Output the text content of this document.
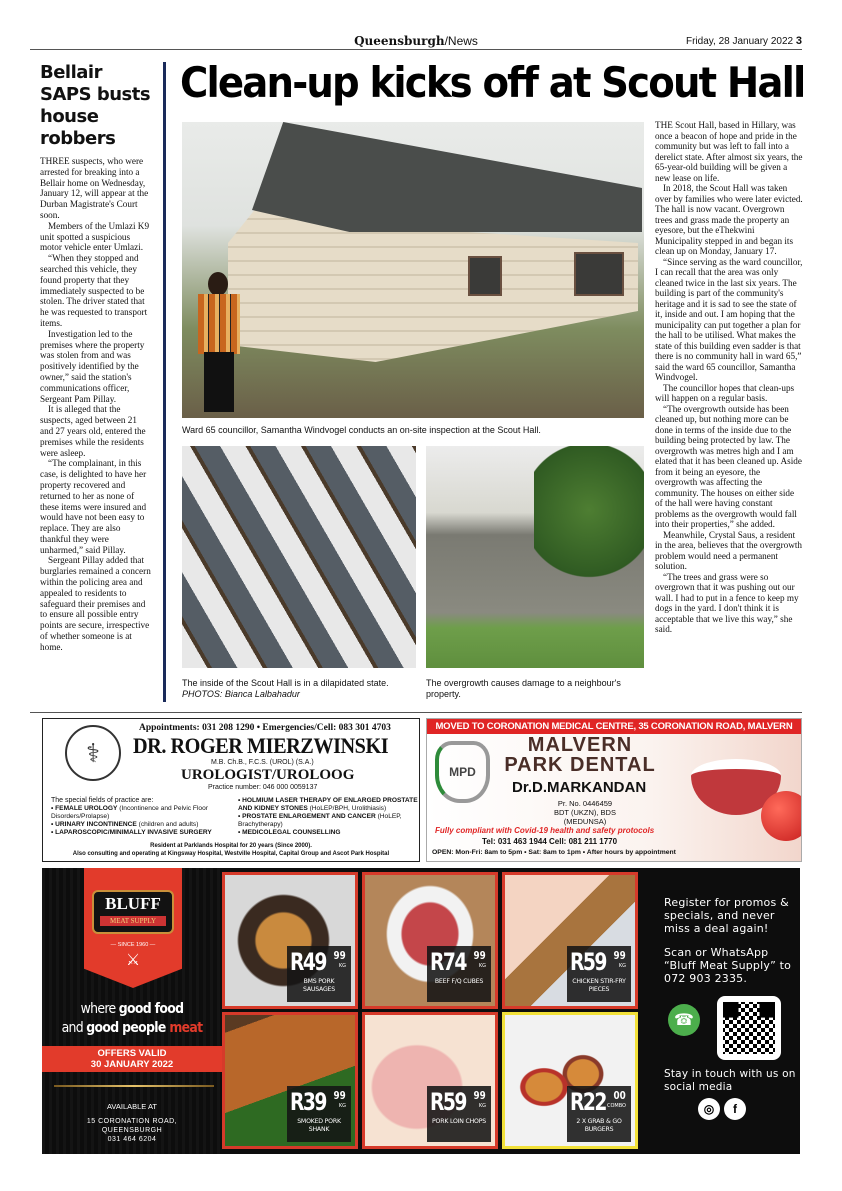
Queensburgh/News	Friday, 28 January 2022 3
Bellair SAPS busts house robbers

THREE suspects, who were arrested for breaking into a Bellair home on Wednesday, January 12, will appear at the Durban Magistrate's Court soon.

Members of the Umlazi K9 unit spotted a suspicious motor vehicle enter Umlazi.

“When they stopped and searched this vehicle, they found property that they immediately suspected to be stolen. The driver stated that he was requested to transport items.

Investigation led to the premises where the property was stolen from and was positively identified by the owner,” said the station's communications officer, Sergeant Pam Pillay.

It is alleged that the suspects, aged between 21 and 27 years old, entered the premises while the residents were asleep.

“The complainant, in this case, is delighted to have her property recovered and returned to her as none of these items were insured and would have not been easy to replace. They are also thankful they were unharmed,” said Pillay.

Sergeant Pillay added that burglaries remained a concern within the policing area and appealed to residents to safeguard their premises and to ensure all possible entry points are secure, irrespective of whether someone is at home.

Clean-up kicks off at Scout Hall
Ward 65 councillor, Samantha Windvogel conducts an on-site inspection at the Scout Hall.
The inside of the Scout Hall is in a dilapidated state.
PHOTOS: Bianca Lalbahadur
The overgrowth causes damage to a neighbour's property.

THE Scout Hall, based in Hillary, was once a beacon of hope and pride in the community but was left to fall into a derelict state. After almost six years, the 65-year-old building will be given a new lease on life.

In 2018, the Scout Hall was taken over by families who were later evicted. The hall is now vacant. Overgrown trees and grass made the property an eyesore, but the eThekwini Municipality stepped in and began its clean up on Monday, January 17.

“Since serving as the ward councillor, I can recall that the area was only cleaned twice in the last six years. The building is part of the community's heritage and it is sad to see the state of it, inside and out. I am hoping that the municipality can put together a plan for the hall to be utilised. What makes the state of this building even sadder is that there is no community hall in ward 65,” said the ward 65 councillor, Samantha Windvogel.

The councillor hopes that clean-ups will happen on a regular basis.

“The overgrowth outside has been cleaned up, but nothing more can be done in terms of the inside due to the building being protected by law. The overgrowth was metres high and I am elated that it has been cleaned up. Aside from it being an eyesore, the overgrowth was affecting the community. The houses on either side of the hall were having constant problems as the overgrowth would fall into their properties,” she added.

Meanwhile, Crystal Saus, a resident in the area, believes that the overgrowth problem would need a permanent solution.

“The trees and grass were so overgrown that it was pushing out our wall. I had to put in a fence to keep my dogs in the yard. I don't think it is acceptable that we live this way,” she said.

⚕
Appointments: 031 208 1290 • Emergencies/Cell: 083 301 4703
DR. ROGER MIERZWINSKI
M.B. Ch.B., F.C.S. (UROL) (S.A.)
UROLOGIST/UROLOOG
Practice number: 046 000 0059137
The special fields of practice are:
• FEMALE UROLOGY (Incontinence and Pelvic Floor Disorders/Prolapse)
• URINARY INCONTINENCE (children and adults)
• LAPAROSCOPIC/MINIMALLY INVASIVE SURGERY
• HOLMIUM LASER THERAPY OF ENLARGED PROSTATE AND KIDNEY STONES (HoLEP/BPH, Urolithiasis)
• PROSTATE ENLARGEMENT AND CANCER (HoLEP, Brachytherapy)
• MEDICOLEGAL COUNSELLING
Resident at Parklands Hospital for 20 years (Since 2000).
Also consulting and operating at Kingsway Hospital, Westville Hospital, Capital Group and Ascot Park Hospital
MOVED TO CORONATION MEDICAL CENTRE, 35 CORONATION ROAD, MALVERN
MPD
MALVERN
PARK DENTAL
Dr.D.MARKANDAN
Pr. No. 0446459
BDT (UKZN), BDS (MEDUNSA)
Fully compliant with Covid-19 health and safety protocols
Tel: 031 463 1944 Cell: 081 211 1770
OPEN: Mon-Fri: 8am to 5pm • Sat: 8am to 1pm • After hours by appointment
BLUFF
MEAT SUPPLY
— SINCE 1960 —
⚔
where good food
and good people meat
OFFERS VALID
30 JANUARY 2022
AVAILABLE AT
15 CORONATION ROAD,
QUEENSBURGH
031 464 6204
R49 99
KG
BMS PORK SAUSAGES
R74 99
KG
BEEF F/Q CUBES
R59 99
KG
CHICKEN STIR-FRY PIECES
R39 99
KG
SMOKED PORK SHANK
R59 99
KG
PORK LOIN CHOPS
R22 00
COMBO
2 X GRAB & GO BURGERS

Register for promos & specials, and never miss a deal again!

Scan or WhatsApp “Bluff Meat Supply” to 072 903 2335.

☎

Stay in touch with us on social media

◎ f
